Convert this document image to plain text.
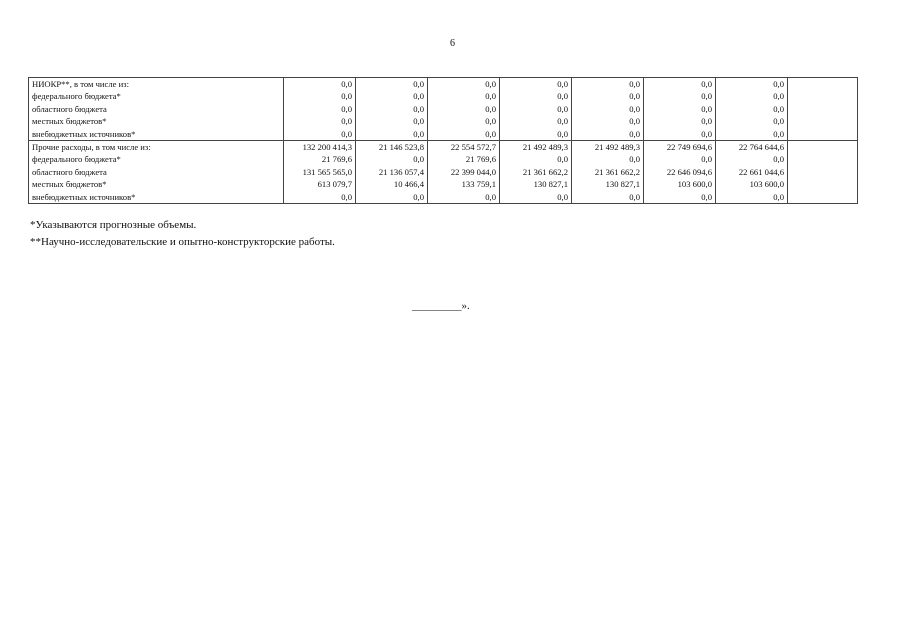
6
НИОКР**, в том числе из:	0,0	0,0	0,0	0,0	0,0	0,0	0,0	
федерального бюджета*	0,0	0,0	0,0	0,0	0,0	0,0	0,0	
областного бюджета	0,0	0,0	0,0	0,0	0,0	0,0	0,0	
местных бюджетов*	0,0	0,0	0,0	0,0	0,0	0,0	0,0	
внебюджетных источников*	0,0	0,0	0,0	0,0	0,0	0,0	0,0	
Прочие расходы, в том числе из:	132 200 414,3	21 146 523,8	22 554 572,7	21 492 489,3	21 492 489,3	22 749 694,6	22 764 644,6	
федерального бюджета*	21 769,6	0,0	21 769,6	0,0	0,0	0,0	0,0	
областного бюджета	131 565 565,0	21 136 057,4	22 399 044,0	21 361 662,2	21 361 662,2	22 646 094,6	22 661 044,6	
местных бюджетов*	613 079,7	10 466,4	133 759,1	130 827,1	130 827,1	103 600,0	103 600,0	
внебюджетных источников*	0,0	0,0	0,0	0,0	0,0	0,0	0,0	
*Указываются прогнозные объемы.
**Научно-исследовательские и опытно-конструкторские работы.
_________».
